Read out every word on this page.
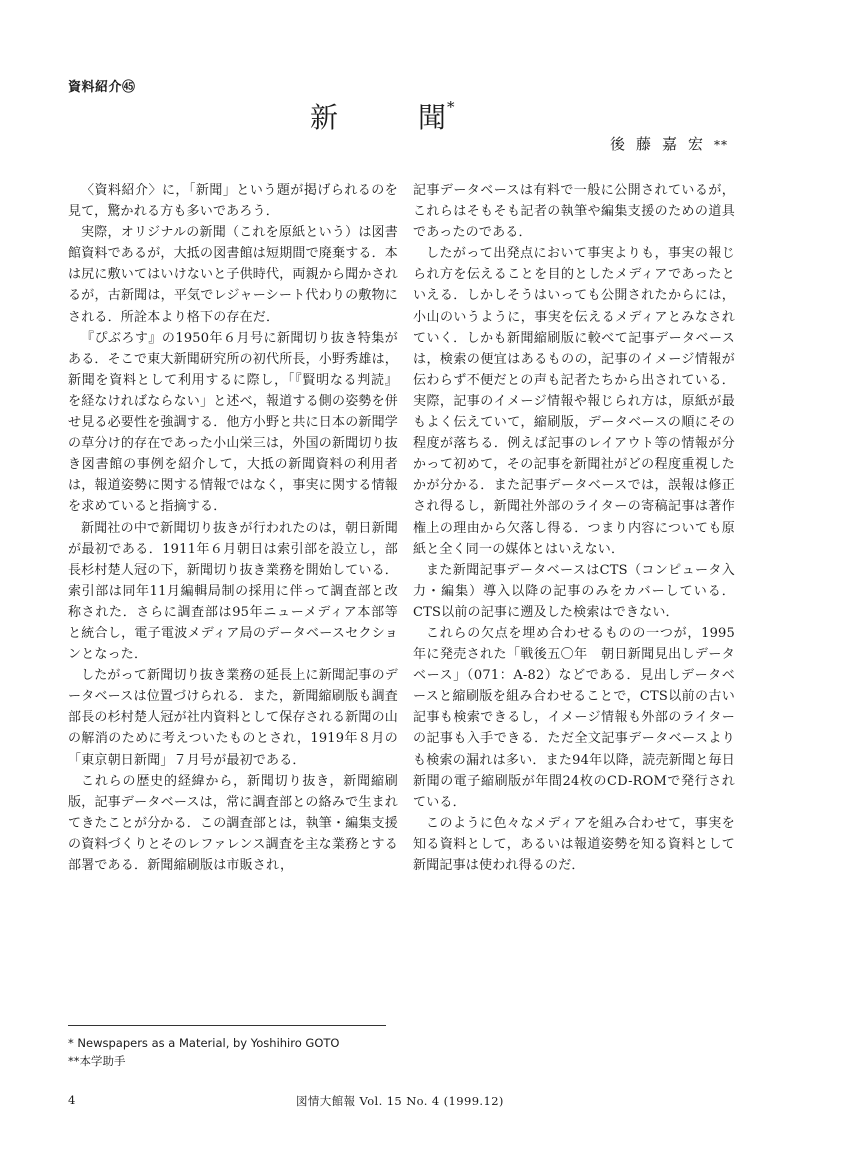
資料紹介㊺
新	聞 *
後藤嘉宏**

〈資料紹介〉に，「新聞」という題が掲げられるのを見て，驚かれる方も多いであろう．

実際，オリジナルの新聞（これを原紙という）は図書館資料であるが，大抵の図書館は短期間で廃棄する．本は尻に敷いてはいけないと子供時代，両親から聞かされるが，古新聞は，平気でレジャーシート代わりの敷物にされる．所詮本より格下の存在だ．

『ぴぶろす』の1950年６月号に新聞切り抜き特集がある．そこで東大新聞研究所の初代所長，小野秀雄は，新聞を資料として利用するに際し，「『賢明なる判読』を経なければならない」と述べ，報道する側の姿勢を併せ見る必要性を強調する．他方小野と共に日本の新聞学の草分け的存在であった小山栄三は，外国の新聞切り抜き図書館の事例を紹介して，大抵の新聞資料の利用者は，報道姿勢に関する情報ではなく，事実に関する情報を求めていると指摘する．

新聞社の中で新聞切り抜きが行われたのは，朝日新聞が最初である．1911年６月朝日は索引部を設立し，部長杉村楚人冠の下，新聞切り抜き業務を開始している．索引部は同年11月編輯局制の採用に伴って調査部と改称された．さらに調査部は95年ニューメディア本部等と統合し，電子電波メディア局のデータベースセクションとなった．

したがって新聞切り抜き業務の延長上に新聞記事のデータベースは位置づけられる．また，新聞縮刷版も調査部長の杉村楚人冠が社内資料として保存される新聞の山の解消のために考えついたものとされ，1919年８月の「東京朝日新聞」７月号が最初である．

これらの歴史的経緯から，新聞切り抜き，新聞縮刷版，記事データベースは，常に調査部との絡みで生まれてきたことが分かる．この調査部とは，執筆・編集支援の資料づくりとそのレファレンス調査を主な業務とする部署である．新聞縮刷版は市販され，

記事データベースは有料で一般に公開されているが，これらはそもそも記者の執筆や編集支援のための道具であったのである．

したがって出発点において事実よりも，事実の報じられ方を伝えることを目的としたメディアであったといえる．しかしそうはいっても公開されたからには，小山のいうように，事実を伝えるメディアとみなされていく．しかも新聞縮刷版に較べて記事データベースは，検索の便宜はあるものの，記事のイメージ情報が伝わらず不便だとの声も記者たちから出されている．実際，記事のイメージ情報や報じられ方は，原紙が最もよく伝えていて，縮刷版，データベースの順にその程度が落ちる．例えば記事のレイアウト等の情報が分かって初めて，その記事を新聞社がどの程度重視したかが分かる．また記事データベースでは，誤報は修正され得るし，新聞社外部のライターの寄稿記事は著作権上の理由から欠落し得る．つまり内容についても原紙と全く同一の媒体とはいえない．

また新聞記事データベースはCTS（コンピュータ入力・編集）導入以降の記事のみをカバーしている．CTS以前の記事に遡及した検索はできない．

これらの欠点を埋め合わせるものの一つが，1995年に発売された「戦後五〇年　朝日新聞見出しデータベース」（071：A-82）などである．見出しデータベースと縮刷版を組み合わせることで，CTS以前の古い記事も検索できるし，イメージ情報も外部のライターの記事も入手できる．ただ全文記事データベースよりも検索の漏れは多い．また94年以降，読売新聞と毎日新聞の電子縮刷版が年間24枚のCD-ROMで発行されている．

このように色々なメディアを組み合わせて，事実を知る資料として，あるいは報道姿勢を知る資料として新聞記事は使われ得るのだ．

* Newspapers as a Material, by Yoshihiro GOTO
**本学助手
4	図情大館報 Vol. 15 No. 4 (1999.12)
